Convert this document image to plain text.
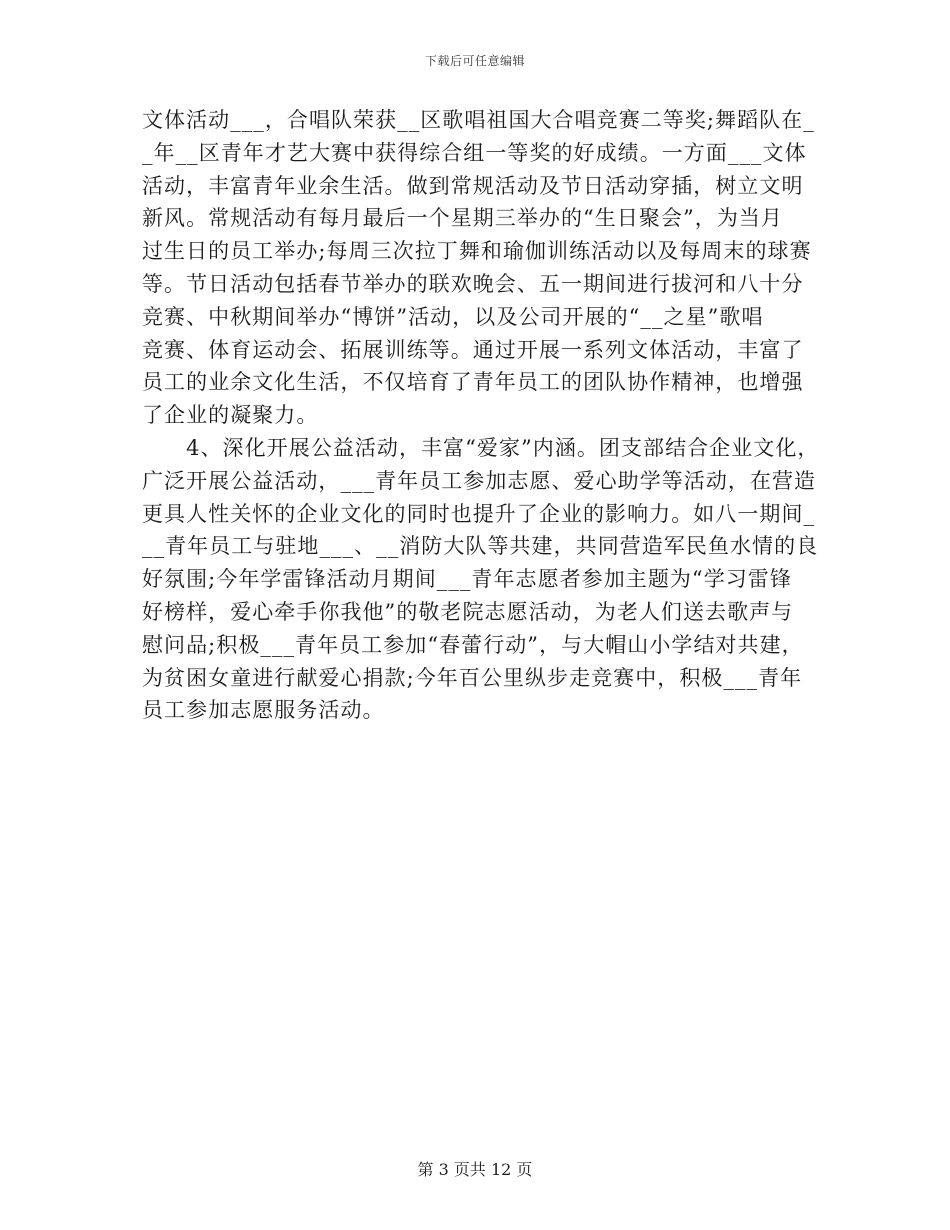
下载后可任意编辑
文体活动___，合唱队荣获__区歌唱祖国大合唱竞赛二等奖;舞蹈队在_
_年__区青年才艺大赛中获得综合组一等奖的好成绩。一方面___文体
活动，丰富青年业余生活。做到常规活动及节日活动穿插，树立文明
新风。常规活动有每月最后一个星期三举办的“生日聚会”，为当月
过生日的员工举办;每周三次拉丁舞和瑜伽训练活动以及每周末的球赛
等。节日活动包括春节举办的联欢晚会、五一期间进行拔河和八十分
竞赛、中秋期间举办“博饼”活动，以及公司开展的“__之星”歌唱
竞赛、体育运动会、拓展训练等。通过开展一系列文体活动，丰富了
员工的业余文化生活，不仅培育了青年员工的团队协作精神，也增强
了企业的凝聚力。
　　4、深化开展公益活动，丰富“爱家”内涵。团支部结合企业文化，
广泛开展公益活动，___青年员工参加志愿、爱心助学等活动，在营造
更具人性关怀的企业文化的同时也提升了企业的影响力。如八一期间_
__青年员工与驻地___、__消防大队等共建，共同营造军民鱼水情的良
好氛围;今年学雷锋活动月期间___青年志愿者参加主题为“学习雷锋
好榜样，爱心牵手你我他”的敬老院志愿活动，为老人们送去歌声与
慰问品;积极___青年员工参加“春蕾行动”，与大帽山小学结对共建，
为贫困女童进行献爱心捐款;今年百公里纵步走竞赛中，积极___青年
员工参加志愿服务活动。
第 3 页共 12 页
